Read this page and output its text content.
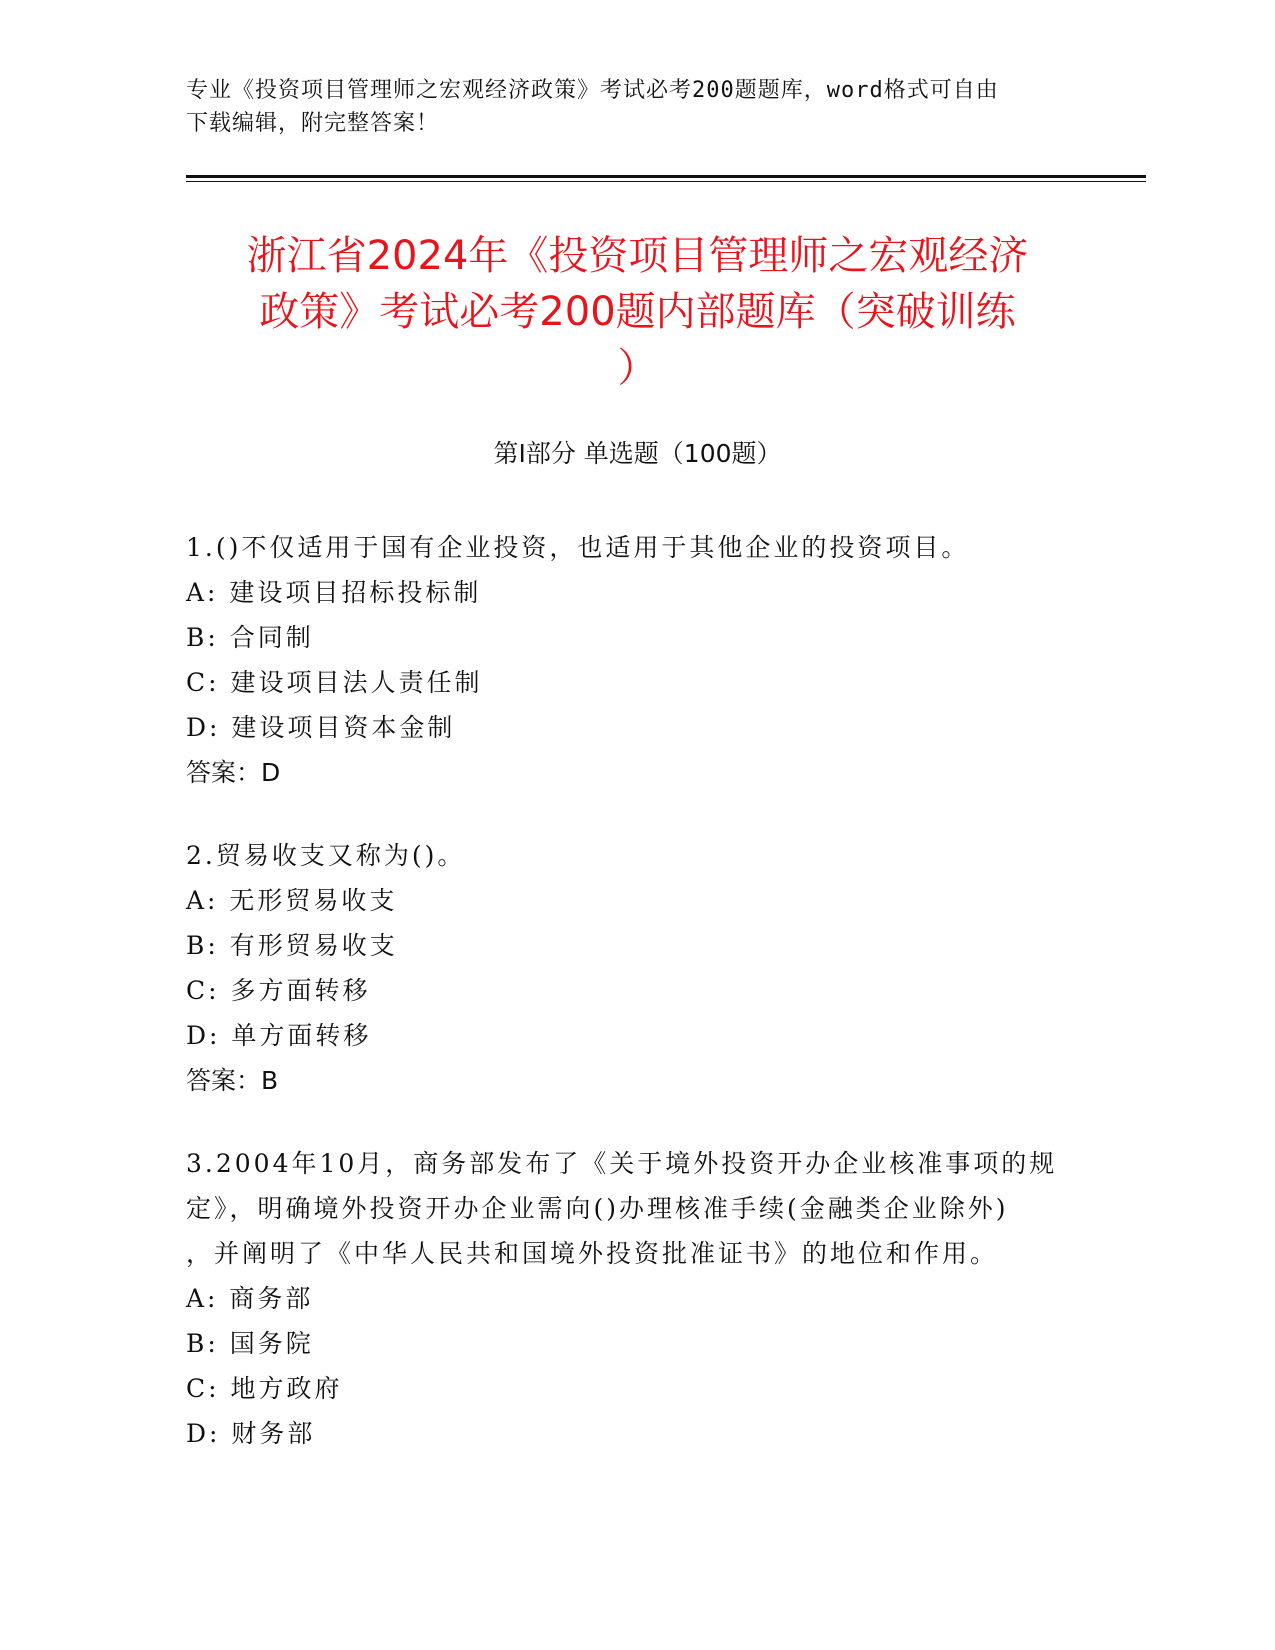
专业《投资项目管理师之宏观经济政策》考试必考200题题库，word格式可自由
下载编辑，附完整答案！
浙江省2024年《投资项目管理师之宏观经济
政策》考试必考200题内部题库（突破训练
）
第I部分 单选题（100题）
1.()不仅适用于国有企业投资，也适用于其他企业的投资项目。
A: 建设项目招标投标制
B: 合同制
C: 建设项目法人责任制
D: 建设项目资本金制
答案：D
2.贸易收支又称为()。
A: 无形贸易收支
B: 有形贸易收支
C: 多方面转移
D: 单方面转移
答案：B
3.2004年10月，商务部发布了《关于境外投资开办企业核准事项的规
定》，明确境外投资开办企业需向()办理核准手续(金融类企业除外)
，并阐明了《中华人民共和国境外投资批准证书》的地位和作用。
A: 商务部
B: 国务院
C: 地方政府
D: 财务部
